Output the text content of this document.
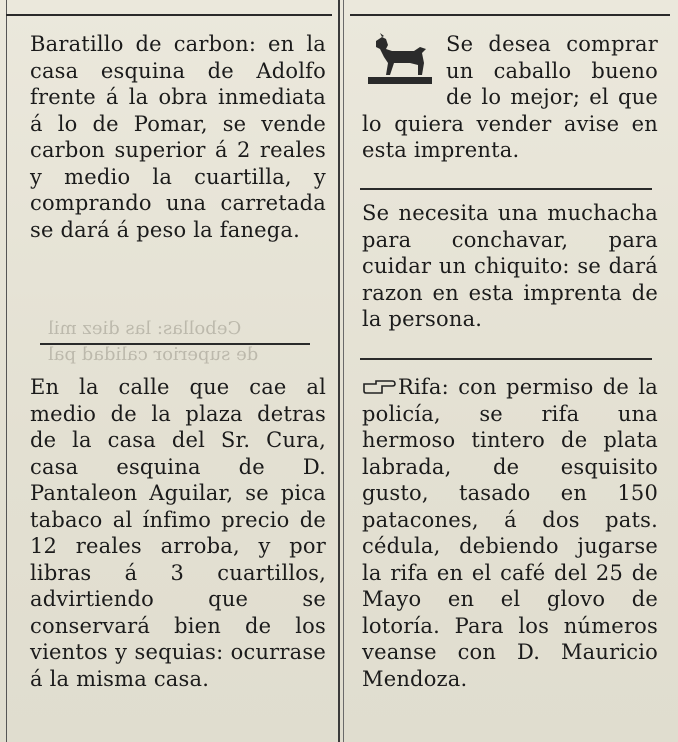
Cebollas: las diez mil
de superior calidad pal

Baratillo de carbon: en la casa esquina de Adolfo frente á la obra inmediata á lo de Pomar, se vende carbon superior á 2 reales y medio la cuartilla, y comprando una carretada se dará á peso la fanega.

En la calle que cae al medio de la plaza detras de la casa del Sr. Cura, casa esquina de D. Pantaleon Aguilar, se pica tabaco al ínfimo precio de 12 reales arroba, y por libras á 3 cuartillos, advirtiendo que se conservará bien de los vientos y sequias: ocurrase á la misma casa.

Se desea comprar un caballo bueno de lo mejor; el que lo quiera vender avise en esta imprenta.

Se necesita una muchacha para conchavar, para cuidar un chiquito: se dará razon en esta imprenta de la persona.

Rifa: con permiso de la policía, se rifa una hermoso tintero de plata labrada, de esquisito gusto, tasado en 150 patacones, á dos pats. cédula, debiendo jugarse la rifa en el café del 25 de Mayo en el glovo de lotoría. Para los números veanse con D. Mauricio Mendoza.
